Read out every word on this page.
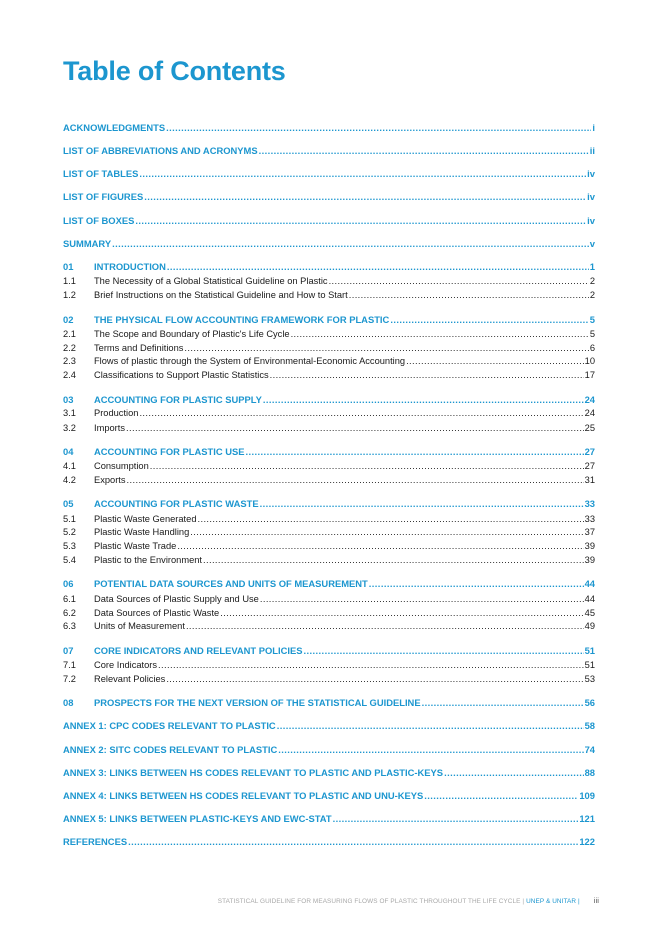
Table of Contents
ACKNOWLEDGMENTS .....	i
LIST OF ABBREVIATIONS AND ACRONYMS .....	ii
LIST OF TABLES .....	iv
LIST OF FIGURES .....	iv
LIST OF BOXES .....	iv
SUMMARY .....	v
01	INTRODUCTION .....	1
1.1	The Necessity of a Global Statistical Guideline on Plastic .....	2
1.2	Brief Instructions on the Statistical Guideline and How to Start .....	2
02	THE PHYSICAL FLOW ACCOUNTING FRAMEWORK FOR PLASTIC .....	5
2.1	The Scope and Boundary of Plastic's Life Cycle .....	5
2.2	Terms and Definitions .....	6
2.3	Flows of plastic through the System of Environmental-Economic Accounting .....	10
2.4	Classifications to Support Plastic Statistics .....	17
03	ACCOUNTING FOR PLASTIC SUPPLY .....	24
3.1	Production .....	24
3.2	Imports .....	25
04	ACCOUNTING FOR PLASTIC USE .....	27
4.1	Consumption .....	27
4.2	Exports .....	31
05	ACCOUNTING FOR PLASTIC WASTE .....	33
5.1	Plastic Waste Generated .....	33
5.2	Plastic Waste Handling .....	37
5.3	Plastic Waste Trade .....	39
5.4	Plastic to the Environment .....	39
06	POTENTIAL DATA SOURCES AND UNITS OF MEASUREMENT .....	44
6.1	Data Sources of Plastic Supply and Use .....	44
6.2	Data Sources of Plastic Waste .....	45
6.3	Units of Measurement .....	49
07	CORE INDICATORS AND RELEVANT POLICIES .....	51
7.1	Core Indicators .....	51
7.2	Relevant Policies .....	53
08	PROSPECTS FOR THE NEXT VERSION OF THE STATISTICAL GUIDELINE .....	56
ANNEX 1: CPC CODES RELEVANT TO PLASTIC .....	58
ANNEX 2: SITC CODES RELEVANT TO PLASTIC .....	74
ANNEX 3: LINKS BETWEEN HS CODES RELEVANT TO PLASTIC AND PLASTIC-KEYS .....	88
ANNEX 4: LINKS BETWEEN HS CODES RELEVANT TO PLASTIC AND UNU-KEYS .....	109
ANNEX 5: LINKS BETWEEN PLASTIC-KEYS AND EWC-STAT .....	121
REFERENCES .....	122
STATISTICAL GUIDELINE FOR MEASURING FLOWS OF PLASTIC THROUGHOUT THE LIFE CYCLE | UNEP & UNITAR | iii
